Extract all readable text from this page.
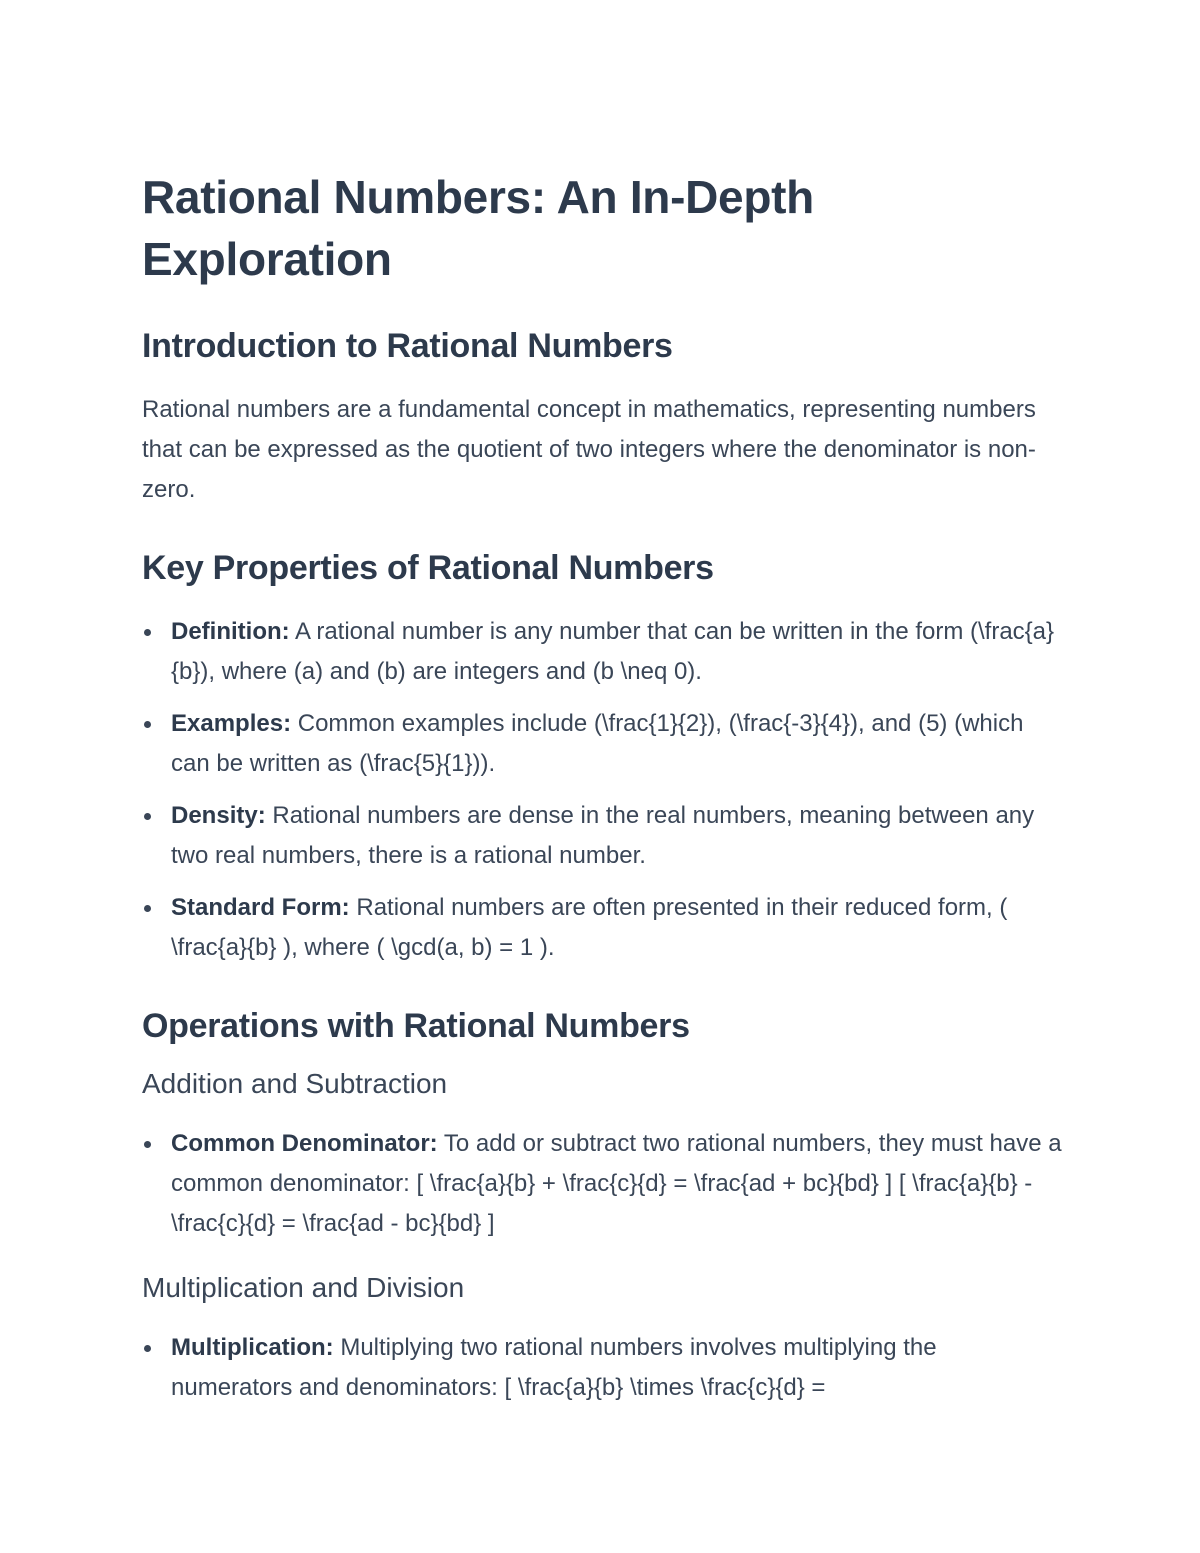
Rational Numbers: An In-Depth Exploration
Introduction to Rational Numbers

Rational numbers are a fundamental concept in mathematics, representing numbers that can be expressed as the quotient of two integers where the denominator is non-zero.

Key Properties of Rational Numbers
Definition: A rational number is any number that can be written in the form (\frac{a}{b}), where (a) and (b) are integers and (b \neq 0).
Examples: Common examples include (\frac{1}{2}), (\frac{-3}{4}), and (5) (which can be written as (\frac{5}{1})).
Density: Rational numbers are dense in the real numbers, meaning between any two real numbers, there is a rational number.
Standard Form: Rational numbers are often presented in their reduced form, ( \frac{a}{b} ), where ( \gcd(a, b) = 1 ).
Operations with Rational Numbers
Addition and Subtraction
Common Denominator: To add or subtract two rational numbers, they must have a common denominator: [ \frac{a}{b} + \frac{c}{d} = \frac{ad + bc}{bd} ] [ \frac{a}{b} - \frac{c}{d} = \frac{ad - bc}{bd} ]
Multiplication and Division
Multiplication: Multiplying two rational numbers involves multiplying the numerators and denominators: [ \frac{a}{b} \times \frac{c}{d} =
